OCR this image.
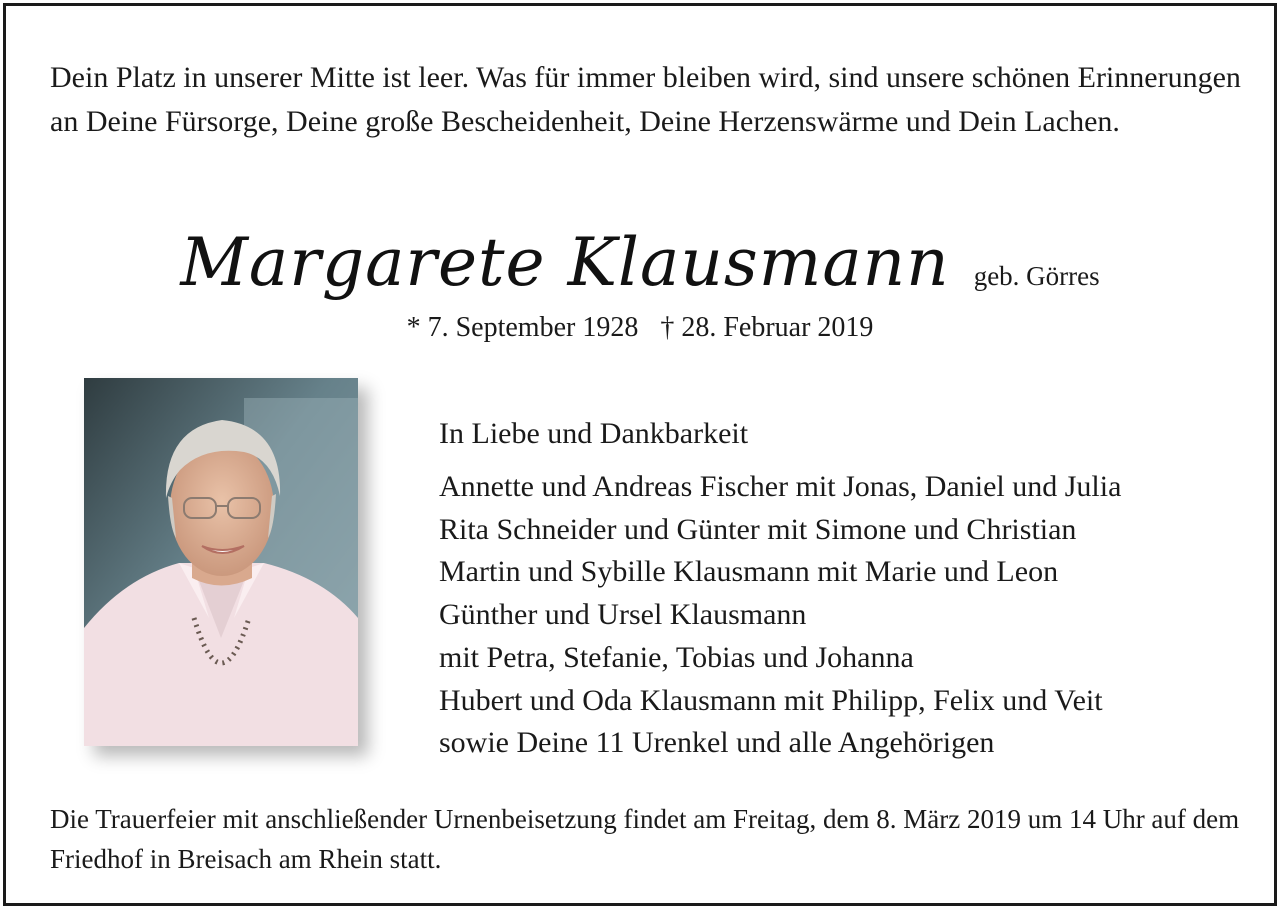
Dein Platz in unserer Mitte ist leer. Was für immer bleiben wird, sind unsere schönen Erinnerungen an Deine Fürsorge, Deine große Bescheidenheit, Deine Herzenswärme und Dein Lachen.

Margarete Klausmann geb. Görres
* 7. September 1928 † 28. Februar 2019
In Liebe und Dankbarkeit
Annette und Andreas Fischer mit Jonas, Daniel und Julia
Rita Schneider und Günter mit Simone und Christian
Martin und Sybille Klausmann mit Marie und Leon
Günther und Ursel Klausmann
mit Petra, Stefanie, Tobias und Johanna
Hubert und Oda Klausmann mit Philipp, Felix und Veit
sowie Deine 11 Urenkel und alle Angehörigen

Die Trauerfeier mit anschließender Urnenbeisetzung findet am Freitag, dem 8. März 2019 um 14 Uhr auf dem Friedhof in Breisach am Rhein statt.
